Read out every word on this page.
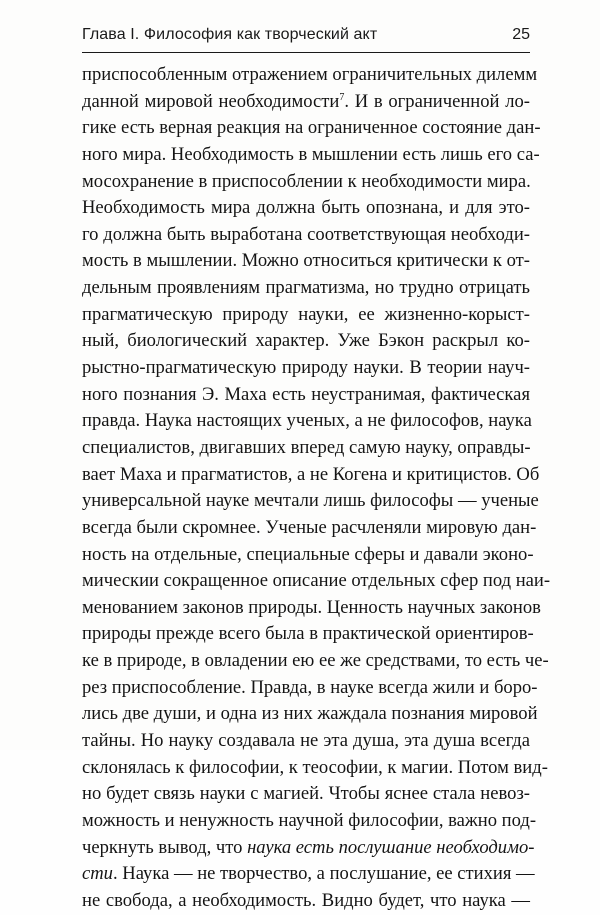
Глава I. Философия как творческий акт	25
приспособленным отражением ограничительных дилемм
данной мировой необходимости$^7$. И в ограниченной ло-
гике есть верная реакция на ограниченное состояние дан-
ного мира. Необходимость в мышлении есть лишь его са-
мосохранение в приспособлении к необходимости мира.
Необходимость мира должна быть опознана, и для это-
го должна быть выработана соответствующая необходи-
мость в мышлении. Можно относиться критически к от-
дельным проявлениям прагматизма, но трудно отрицать
прагматическую природу науки, ее жизненно-корыст-
ный, биологический характер. Уже Бэкон раскрыл ко-
рыстно-прагматическую природу науки. В теории науч-
ного познания Э. Маха есть неустранимая, фактическая
правда. Наука настоящих ученых, а не философов, наука
специалистов, двигавших вперед самую науку, оправды-
вает Маха и прагматистов, а не Когена и критицистов. Об
универсальной науке мечтали лишь философы — ученые
всегда были скромнее. Ученые расчленяли мировую дан-
ность на отдельные, специальные сферы и давали эконо-
мическии сокращенное описание отдельных сфер под наи-
менованием законов природы. Ценность научных законов
природы прежде всего была в практической ориентиров-
ке в природе, в овладении ею ее же средствами, то есть че-
рез приспособление. Правда, в науке всегда жили и боро-
лись две души, и одна из них жаждала познания мировой
тайны. Но науку создавала не эта душа, эта душа всегда
склонялась к философии, к теософии, к магии. Потом вид-
но будет связь науки с магией. Чтобы яснее стала невоз-
можность и ненужность научной философии, важно под-
черкнуть вывод, что наука есть послушание необходимо-
сти. Наука — не творчество, а послушание, ее стихия —
не свобода, а необходимость. Видно будет, что наука —
